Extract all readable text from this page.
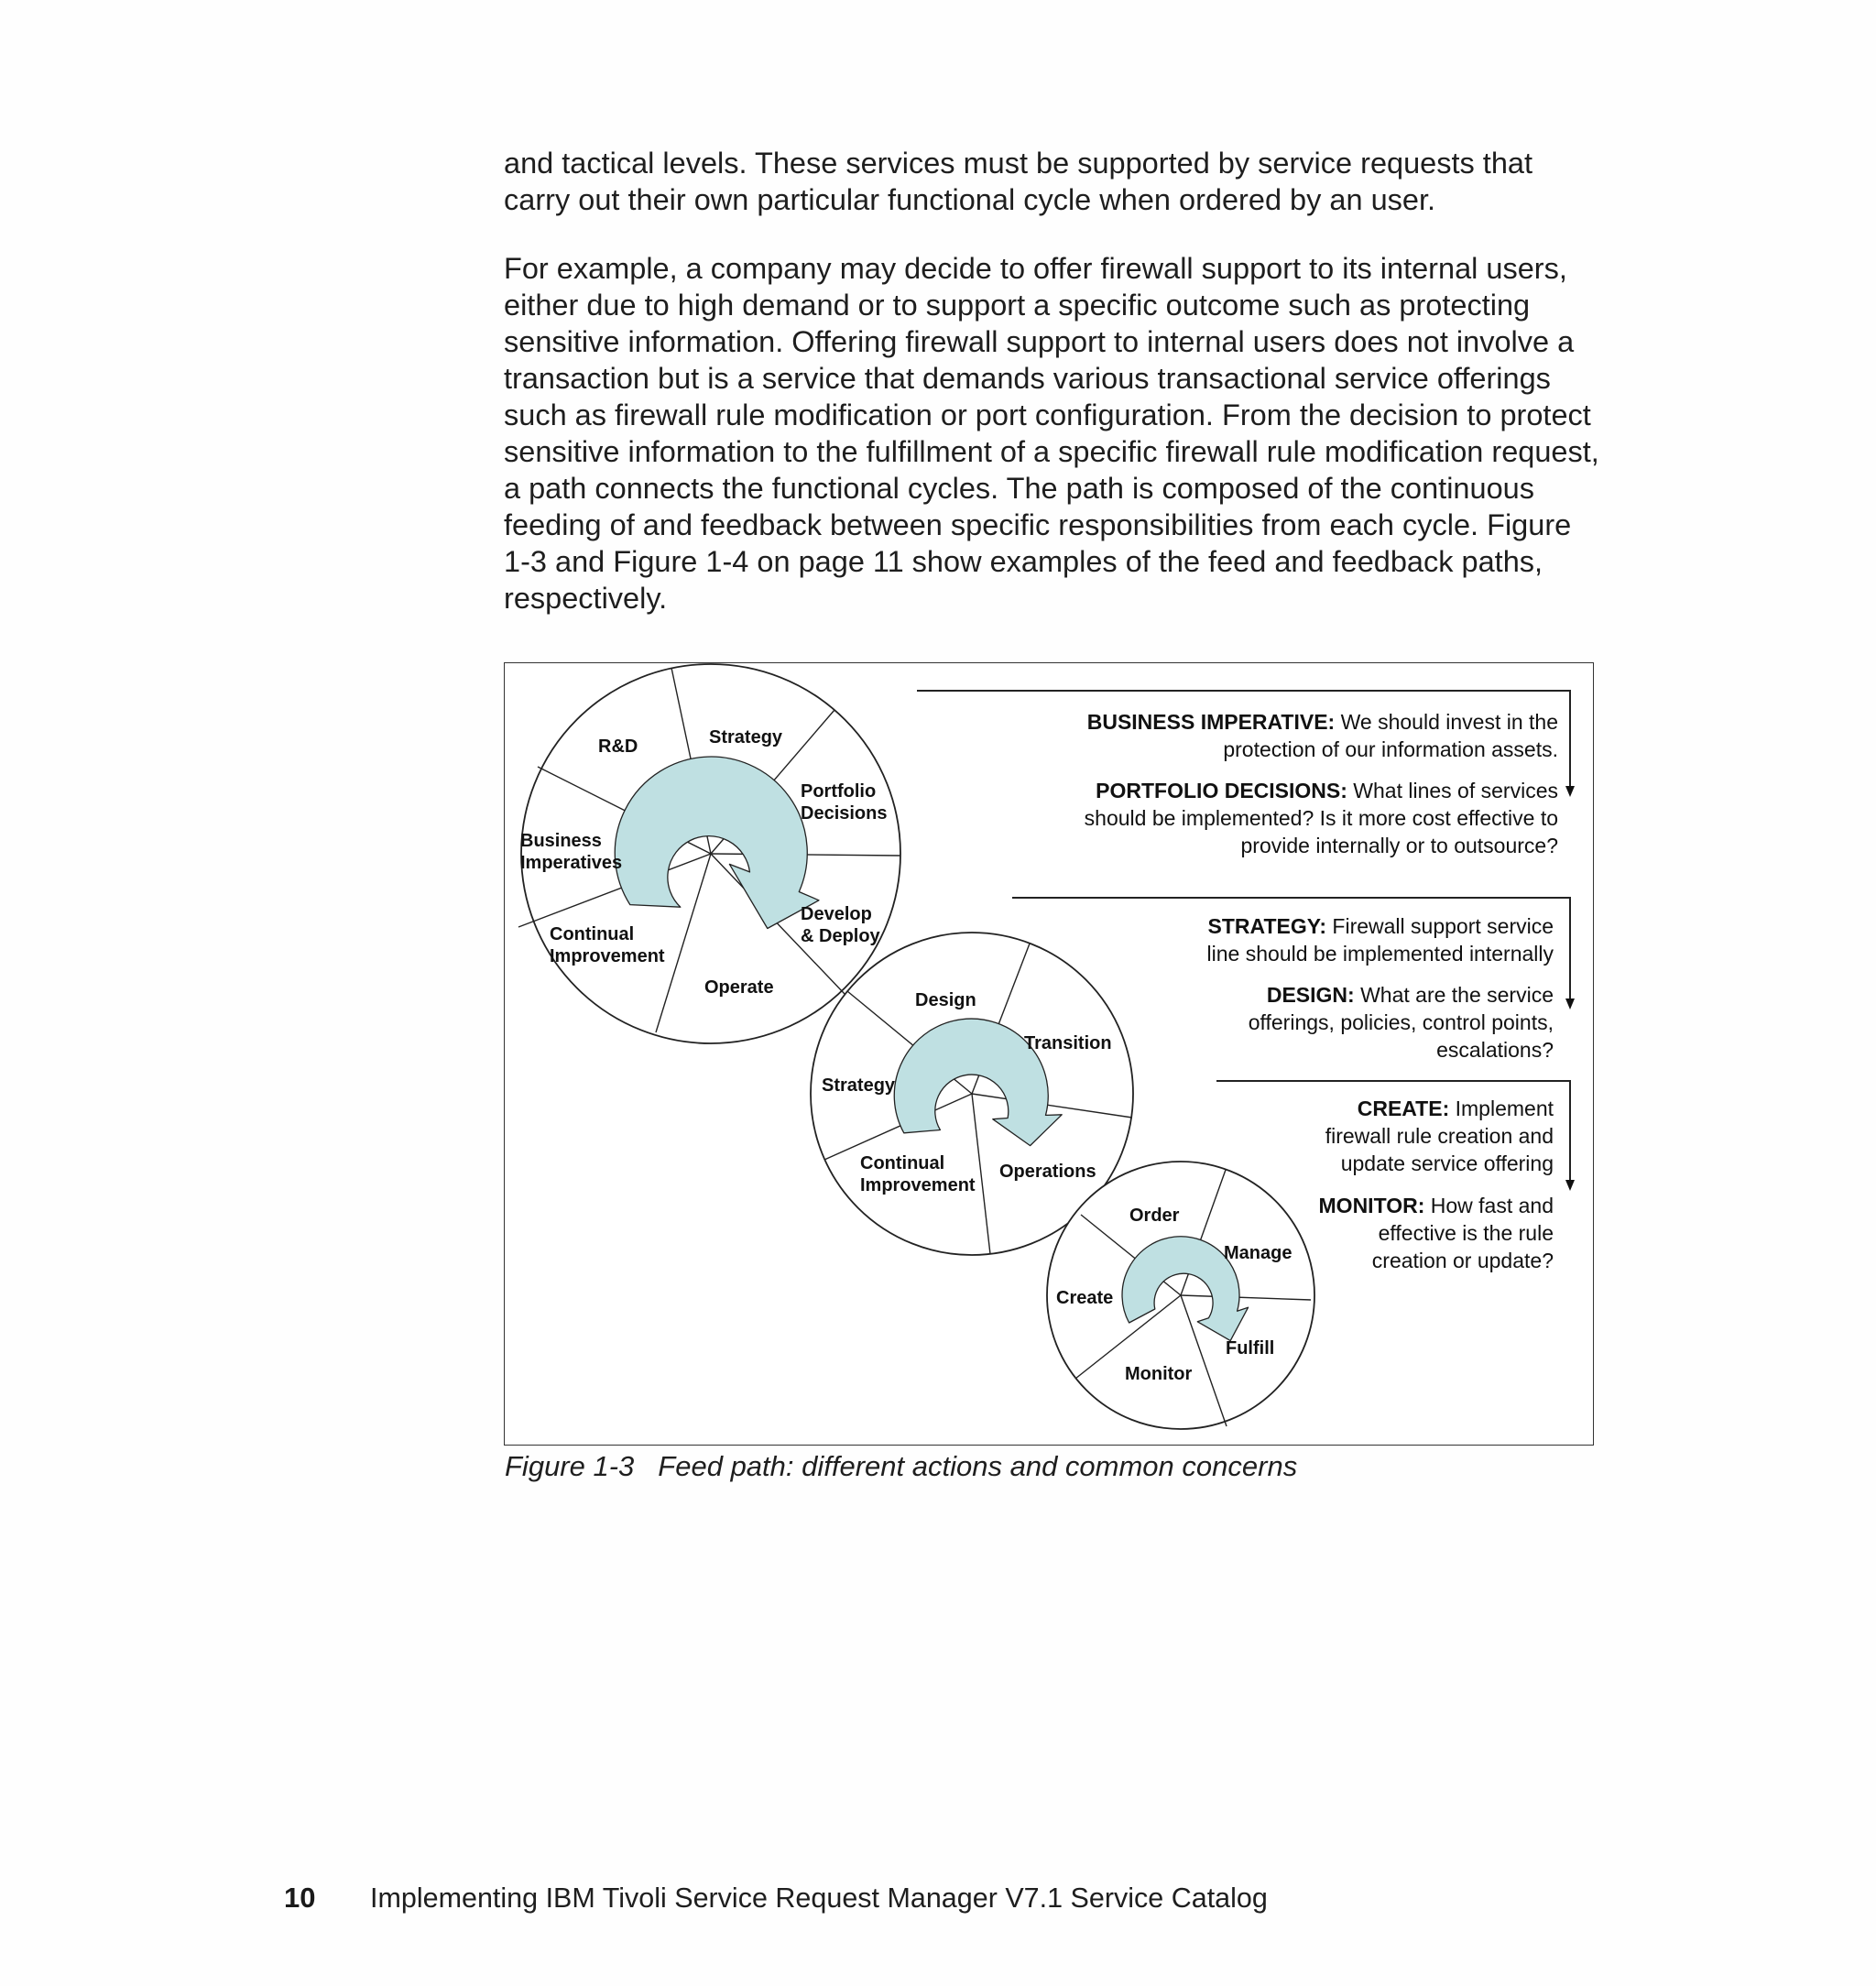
and tactical levels. These services must be supported by service requests that carry out their own particular functional cycle when ordered by an user.

For example, a company may decide to offer firewall support to its internal users, either due to high demand or to support a specific outcome such as protecting sensitive information. Offering firewall support to internal users does not involve a transaction but is a service that demands various transactional service offerings such as firewall rule modification or port configuration. From the decision to protect sensitive information to the fulfillment of a specific firewall rule modification request, a path connects the functional cycles. The path is composed of the continuous feeding of and feedback between specific responsibilities from each cycle. Figure 1-3 and Figure 1-4 on page 11 show examples of the feed and feedback paths, respectively.

R&D	Strategy
Portfolio
Decisions
Business
Imperatives
Develop
& Deploy
Continual
Improvement
Operate
Design
Transition
Strategy
Continual
Improvement
Operations
Order
Manage
Create
Fulfill
Monitor
BUSINESS IMPERATIVE: We should invest in the
protection of our information assets.
PORTFOLIO DECISIONS: What lines of services
should be implemented? Is it more cost effective to
provide internally or to outsource?
STRATEGY: Firewall support service
line should be implemented internally
DESIGN: What are the service
offerings, policies, control points,
escalations?
CREATE: Implement
firewall rule creation and
update service offering
MONITOR: How fast and
effective is the rule
creation or update?
Figure 1-3 Feed path: different actions and common concerns
10 Implementing IBM Tivoli Service Request Manager V7.1 Service Catalog
